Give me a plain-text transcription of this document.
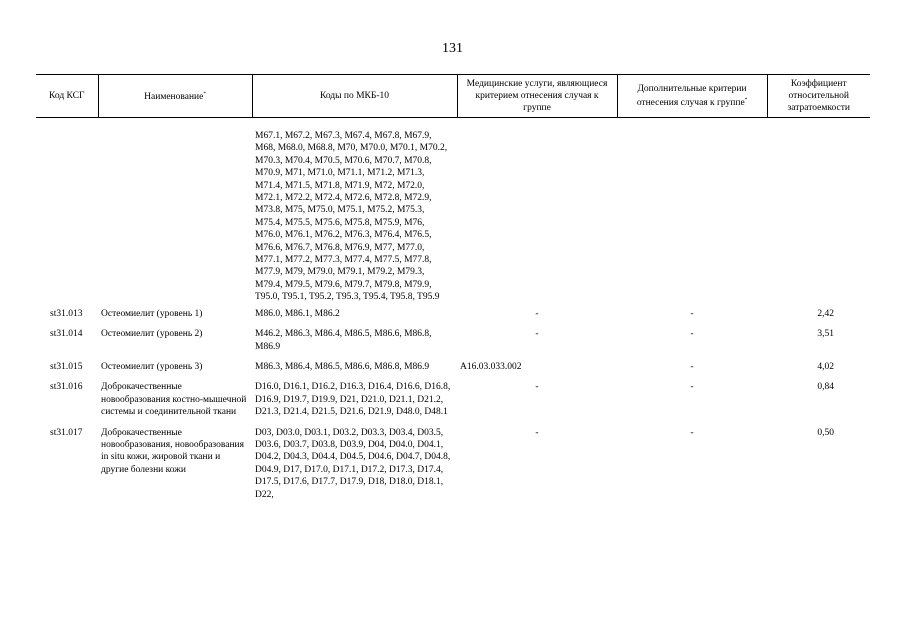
131
Код КСГ	Наименование*	Коды по МКБ-10	Медицинские услуги, являющиеся критерием отнесения случая к группе	Дополнительные критерии отнесения случая к группе*	Коэффициент относительной затратоемкости
		M67.1, M67.2, M67.3, M67.4, M67.8, M67.9, M68, M68.0, M68.8, M70, M70.0, M70.1, M70.2, M70.3, M70.4, M70.5, M70.6, M70.7, M70.8, M70.9, M71, M71.0, M71.1, M71.2, M71.3, M71.4, M71.5, M71.8, M71.9, M72, M72.0, M72.1, M72.2, M72.4, M72.6, M72.8, M72.9, M73.8, M75, M75.0, M75.1, M75.2, M75.3, M75.4, M75.5, M75.6, M75.8, M75.9, M76, M76.0, M76.1, M76.2, M76.3, M76.4, M76.5, M76.6, M76.7, M76.8, M76.9, M77, M77.0, M77.1, M77.2, M77.3, M77.4, M77.5, M77.8, M77.9, M79, M79.0, M79.1, M79.2, M79.3, M79.4, M79.5, M79.6, M79.7, M79.8, M79.9, T95.0, T95.1, T95.2, T95.3, T95.4, T95.8, T95.9			
st31.013	Остеомиелит (уровень 1)	M86.0, M86.1, M86.2	-	-	2,42
st31.014	Остеомиелит (уровень 2)	M46.2, M86.3, M86.4, M86.5, M86.6, M86.8, M86.9	-	-	3,51
st31.015	Остеомиелит (уровень 3)	M86.3, M86.4, M86.5, M86.6, M86.8, M86.9	A16.03.033.002	-	4,02
st31.016	Доброкачественные новообразования костно-мышечной системы и соединительной ткани	D16.0, D16.1, D16.2, D16.3, D16.4, D16.6, D16.8, D16.9, D19.7, D19.9, D21, D21.0, D21.1, D21.2, D21.3, D21.4, D21.5, D21.6, D21.9, D48.0, D48.1	-	-	0,84
st31.017	Доброкачественные новообразования, новообразования in situ кожи, жировой ткани и другие болезни кожи	D03, D03.0, D03.1, D03.2, D03.3, D03.4, D03.5, D03.6, D03.7, D03.8, D03.9, D04, D04.0, D04.1, D04.2, D04.3, D04.4, D04.5, D04.6, D04.7, D04.8, D04.9, D17, D17.0, D17.1, D17.2, D17.3, D17.4, D17.5, D17.6, D17.7, D17.9, D18, D18.0, D18.1, D22,	-	-	0,50
